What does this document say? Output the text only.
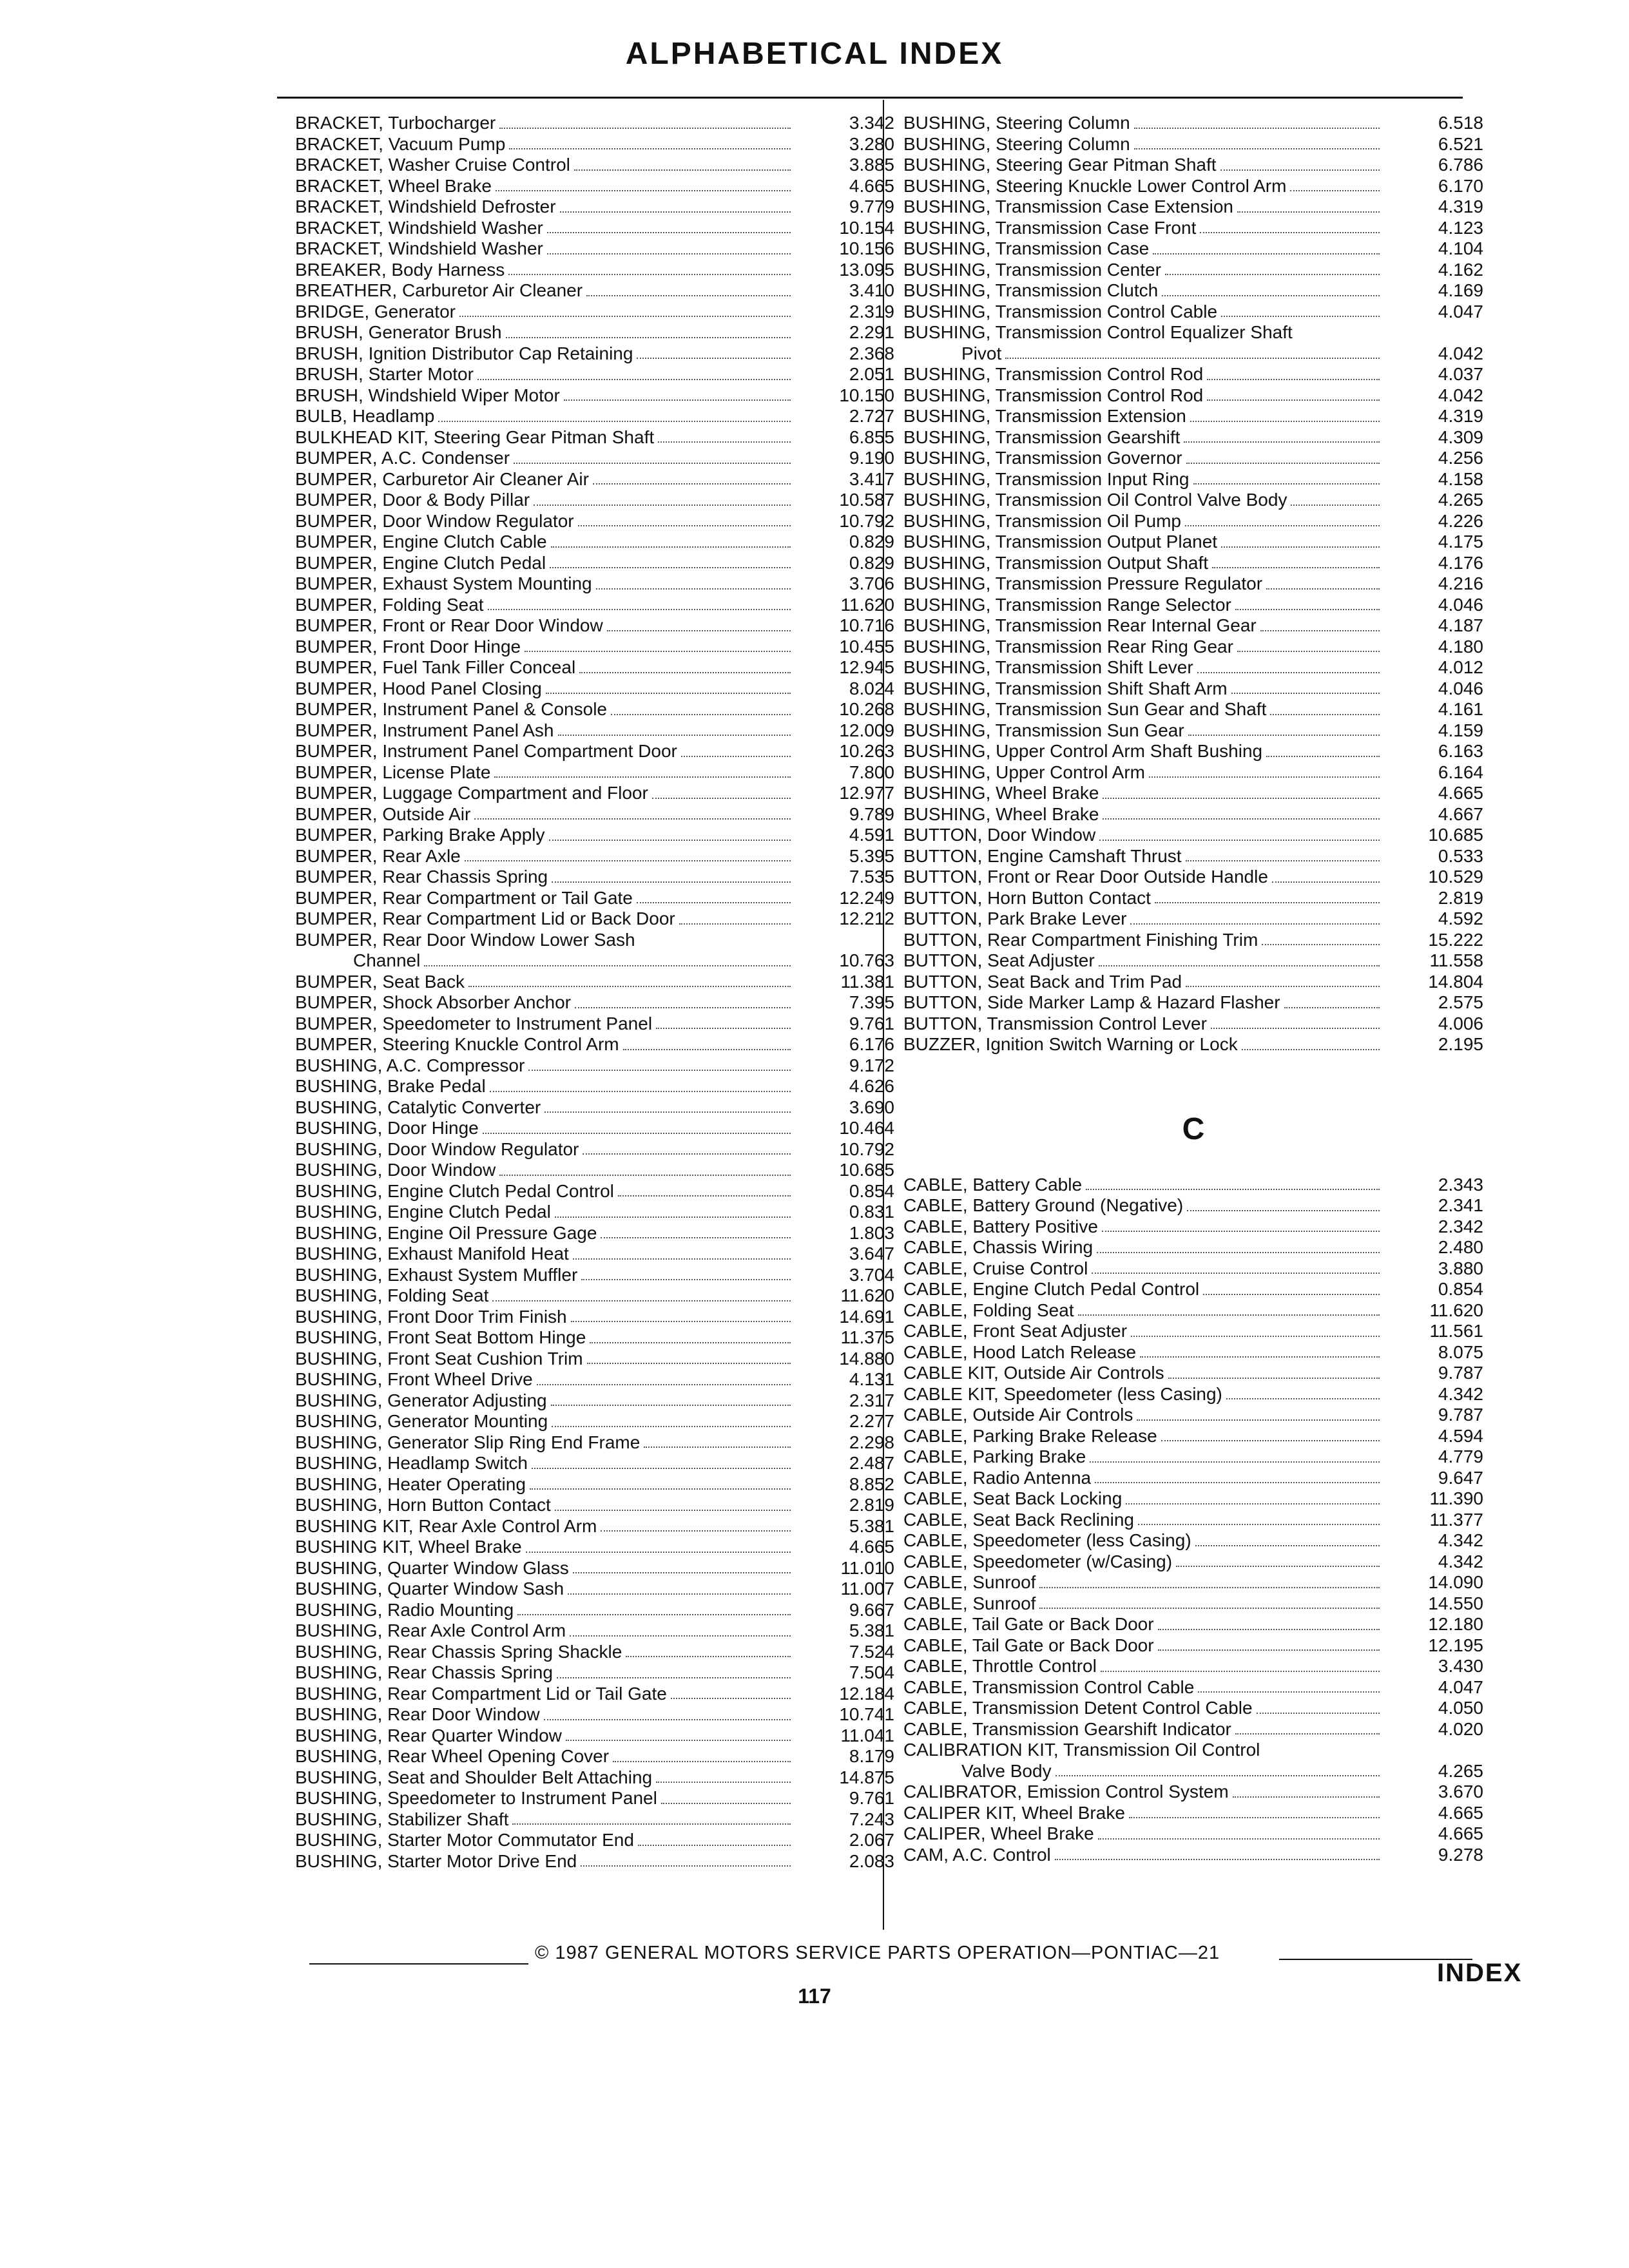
ALPHABETICAL INDEX
BRACKET, Turbocharger	3.342
BRACKET, Vacuum Pump	3.280
BRACKET, Washer Cruise Control	3.885
BRACKET, Wheel Brake	4.665
BRACKET, Windshield Defroster	9.779
BRACKET, Windshield Washer	10.154
BRACKET, Windshield Washer	10.156
BREAKER, Body Harness	13.095
BREATHER, Carburetor Air Cleaner	3.410
BRIDGE, Generator	2.319
BRUSH, Generator Brush	2.291
BRUSH, Ignition Distributor Cap Retaining	2.368
BRUSH, Starter Motor	2.051
BRUSH, Windshield Wiper Motor	10.150
BULB, Headlamp	2.727
BULKHEAD KIT, Steering Gear Pitman Shaft	6.855
BUMPER, A.C. Condenser	9.190
BUMPER, Carburetor Air Cleaner Air	3.417
BUMPER, Door & Body Pillar	10.587
BUMPER, Door Window Regulator	10.792
BUMPER, Engine Clutch Cable	0.829
BUMPER, Engine Clutch Pedal	0.829
BUMPER, Exhaust System Mounting	3.706
BUMPER, Folding Seat	11.620
BUMPER, Front or Rear Door Window	10.716
BUMPER, Front Door Hinge	10.455
BUMPER, Fuel Tank Filler Conceal	12.945
BUMPER, Hood Panel Closing	8.024
BUMPER, Instrument Panel & Console	10.268
BUMPER, Instrument Panel Ash	12.009
BUMPER, Instrument Panel Compartment Door	10.263
BUMPER, License Plate	7.800
BUMPER, Luggage Compartment and Floor	12.977
BUMPER, Outside Air	9.789
BUMPER, Parking Brake Apply	4.591
BUMPER, Rear Axle	5.395
BUMPER, Rear Chassis Spring	7.535
BUMPER, Rear Compartment or Tail Gate	12.249
BUMPER, Rear Compartment Lid or Back Door	12.212
BUMPER, Rear Door Window Lower Sash
Channel	10.763
BUMPER, Seat Back	11.381
BUMPER, Shock Absorber Anchor	7.395
BUMPER, Speedometer to Instrument Panel	9.761
BUMPER, Steering Knuckle Control Arm	6.176
BUSHING, A.C. Compressor	9.172
BUSHING, Brake Pedal	4.626
BUSHING, Catalytic Converter	3.690
BUSHING, Door Hinge	10.464
BUSHING, Door Window Regulator	10.792
BUSHING, Door Window	10.685
BUSHING, Engine Clutch Pedal Control	0.854
BUSHING, Engine Clutch Pedal	0.831
BUSHING, Engine Oil Pressure Gage	1.803
BUSHING, Exhaust Manifold Heat	3.647
BUSHING, Exhaust System Muffler	3.704
BUSHING, Folding Seat	11.620
BUSHING, Front Door Trim Finish	14.691
BUSHING, Front Seat Bottom Hinge	11.375
BUSHING, Front Seat Cushion Trim	14.880
BUSHING, Front Wheel Drive	4.131
BUSHING, Generator Adjusting	2.317
BUSHING, Generator Mounting	2.277
BUSHING, Generator Slip Ring End Frame	2.298
BUSHING, Headlamp Switch	2.487
BUSHING, Heater Operating	8.852
BUSHING, Horn Button Contact	2.819
BUSHING KIT, Rear Axle Control Arm	5.381
BUSHING KIT, Wheel Brake	4.665
BUSHING, Quarter Window Glass	11.010
BUSHING, Quarter Window Sash	11.007
BUSHING, Radio Mounting	9.667
BUSHING, Rear Axle Control Arm	5.381
BUSHING, Rear Chassis Spring Shackle	7.524
BUSHING, Rear Chassis Spring	7.504
BUSHING, Rear Compartment Lid or Tail Gate	12.184
BUSHING, Rear Door Window	10.741
BUSHING, Rear Quarter Window	11.041
BUSHING, Rear Wheel Opening Cover	8.179
BUSHING, Seat and Shoulder Belt Attaching	14.875
BUSHING, Speedometer to Instrument Panel	9.761
BUSHING, Stabilizer Shaft	7.243
BUSHING, Starter Motor Commutator End	2.067
BUSHING, Starter Motor Drive End	2.083
BUSHING, Steering Column	6.518
BUSHING, Steering Column	6.521
BUSHING, Steering Gear Pitman Shaft	6.786
BUSHING, Steering Knuckle Lower Control Arm	6.170
BUSHING, Transmission Case Extension	4.319
BUSHING, Transmission Case Front	4.123
BUSHING, Transmission Case	4.104
BUSHING, Transmission Center	4.162
BUSHING, Transmission Clutch	4.169
BUSHING, Transmission Control Cable	4.047
BUSHING, Transmission Control Equalizer Shaft
Pivot	4.042
BUSHING, Transmission Control Rod	4.037
BUSHING, Transmission Control Rod	4.042
BUSHING, Transmission Extension	4.319
BUSHING, Transmission Gearshift	4.309
BUSHING, Transmission Governor	4.256
BUSHING, Transmission Input Ring	4.158
BUSHING, Transmission Oil Control Valve Body	4.265
BUSHING, Transmission Oil Pump	4.226
BUSHING, Transmission Output Planet	4.175
BUSHING, Transmission Output Shaft	4.176
BUSHING, Transmission Pressure Regulator	4.216
BUSHING, Transmission Range Selector	4.046
BUSHING, Transmission Rear Internal Gear	4.187
BUSHING, Transmission Rear Ring Gear	4.180
BUSHING, Transmission Shift Lever	4.012
BUSHING, Transmission Shift Shaft Arm	4.046
BUSHING, Transmission Sun Gear and Shaft	4.161
BUSHING, Transmission Sun Gear	4.159
BUSHING, Upper Control Arm Shaft Bushing	6.163
BUSHING, Upper Control Arm	6.164
BUSHING, Wheel Brake	4.665
BUSHING, Wheel Brake	4.667
BUTTON, Door Window	10.685
BUTTON, Engine Camshaft Thrust	0.533
BUTTON, Front or Rear Door Outside Handle	10.529
BUTTON, Horn Button Contact	2.819
BUTTON, Park Brake Lever	4.592
BUTTON, Rear Compartment Finishing Trim	15.222
BUTTON, Seat Adjuster	11.558
BUTTON, Seat Back and Trim Pad	14.804
BUTTON, Side Marker Lamp & Hazard Flasher	2.575
BUTTON, Transmission Control Lever	4.006
BUZZER, Ignition Switch Warning or Lock	2.195
C
CABLE, Battery Cable	2.343
CABLE, Battery Ground (Negative)	2.341
CABLE, Battery Positive	2.342
CABLE, Chassis Wiring	2.480
CABLE, Cruise Control	3.880
CABLE, Engine Clutch Pedal Control	0.854
CABLE, Folding Seat	11.620
CABLE, Front Seat Adjuster	11.561
CABLE, Hood Latch Release	8.075
CABLE KIT, Outside Air Controls	9.787
CABLE KIT, Speedometer (less Casing)	4.342
CABLE, Outside Air Controls	9.787
CABLE, Parking Brake Release	4.594
CABLE, Parking Brake	4.779
CABLE, Radio Antenna	9.647
CABLE, Seat Back Locking	11.390
CABLE, Seat Back Reclining	11.377
CABLE, Speedometer (less Casing)	4.342
CABLE, Speedometer (w/Casing)	4.342
CABLE, Sunroof	14.090
CABLE, Sunroof	14.550
CABLE, Tail Gate or Back Door	12.180
CABLE, Tail Gate or Back Door	12.195
CABLE, Throttle Control	3.430
CABLE, Transmission Control Cable	4.047
CABLE, Transmission Detent Control Cable	4.050
CABLE, Transmission Gearshift Indicator	4.020
CALIBRATION KIT, Transmission Oil Control
Valve Body	4.265
CALIBRATOR, Emission Control System	3.670
CALIPER KIT, Wheel Brake	4.665
CALIPER, Wheel Brake	4.665
CAM, A.C. Control	9.278
© 1987 GENERAL MOTORS SERVICE PARTS OPERATION—PONTIAC—21
INDEX
117
